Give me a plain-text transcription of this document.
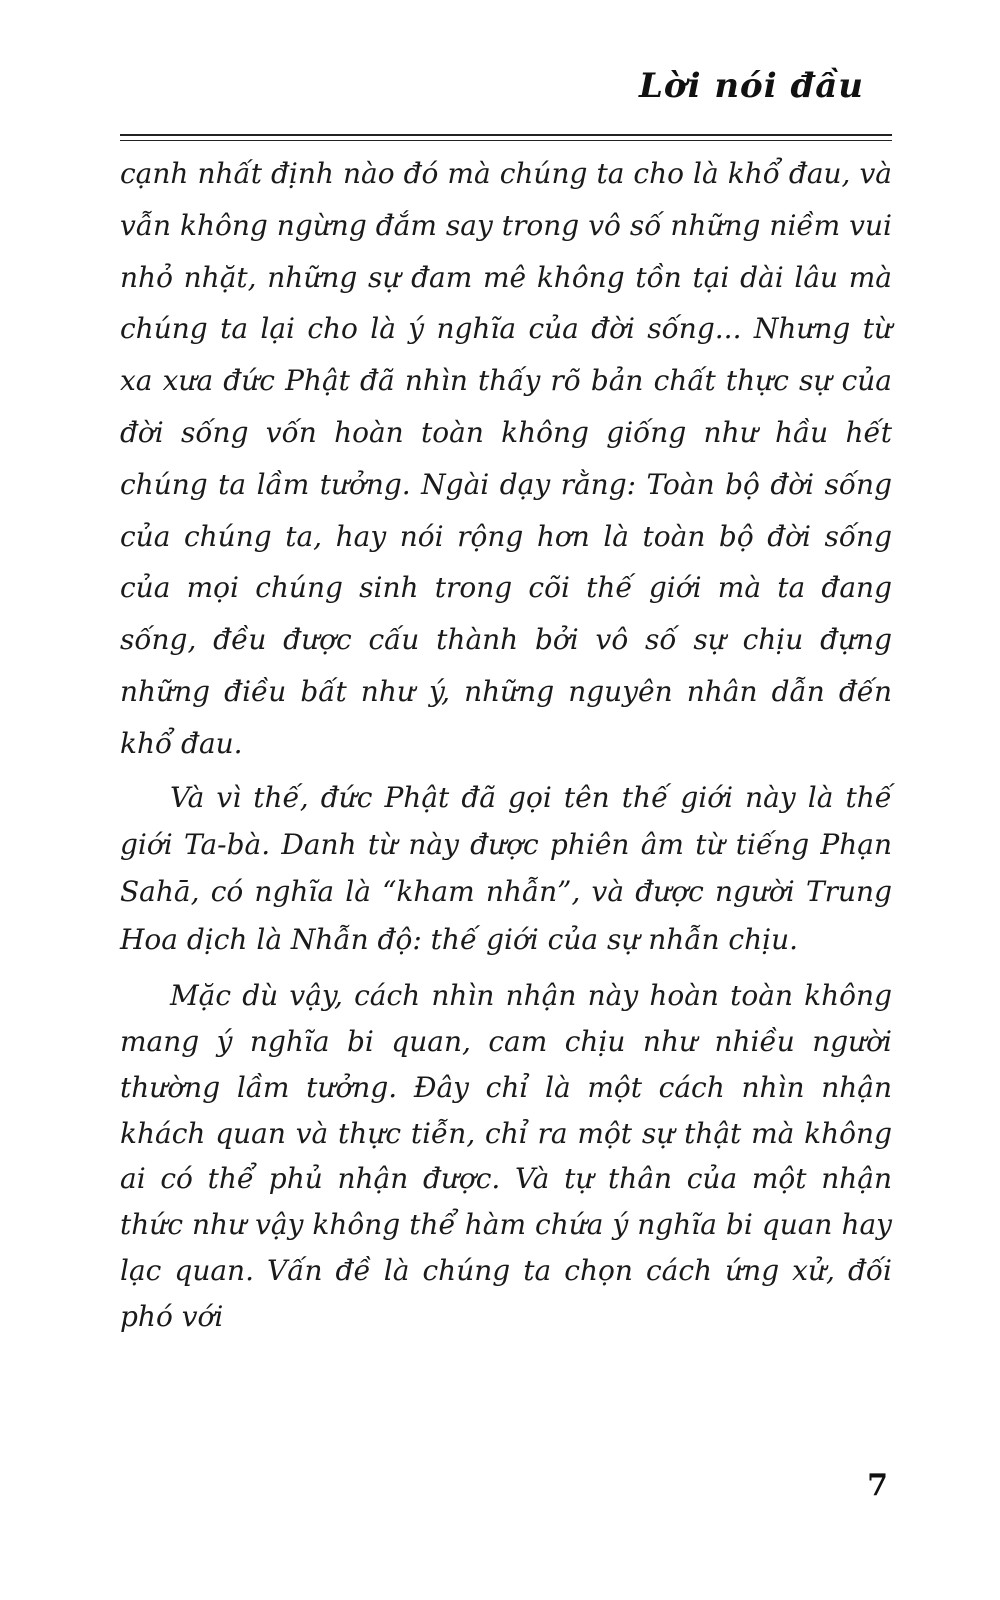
Lời nói đầu

cạnh nhất định nào đó mà chúng ta cho là khổ đau, và vẫn không ngừng đắm say trong vô số những niềm vui nhỏ nhặt, những sự đam mê không tồn tại dài lâu mà chúng ta lại cho là ý nghĩa của đời sống... Nhưng từ xa xưa đức Phật đã nhìn thấy rõ bản chất thực sự của đời sống vốn hoàn toàn không giống như hầu hết chúng ta lầm tưởng. Ngài dạy rằng: Toàn bộ đời sống của chúng ta, hay nói rộng hơn là toàn bộ đời sống của mọi chúng sinh trong cõi thế giới mà ta đang sống, đều được cấu thành bởi vô số sự chịu đựng những điều bất như ý, những nguyên nhân dẫn đến khổ đau.

Và vì thế, đức Phật đã gọi tên thế giới này là thế giới Ta-bà. Danh từ này được phiên âm từ tiếng Phạn Sahā, có nghĩa là “kham nhẫn”, và được người Trung Hoa dịch là Nhẫn độ: thế giới của sự nhẫn chịu.

Mặc dù vậy, cách nhìn nhận này hoàn toàn không mang ý nghĩa bi quan, cam chịu như nhiều người thường lầm tưởng. Đây chỉ là một cách nhìn nhận khách quan và thực tiễn, chỉ ra một sự thật mà không ai có thể phủ nhận được. Và tự thân của một nhận thức như vậy không thể hàm chứa ý nghĩa bi quan hay lạc quan. Vấn đề là chúng ta chọn cách ứng xử, đối phó với

7
